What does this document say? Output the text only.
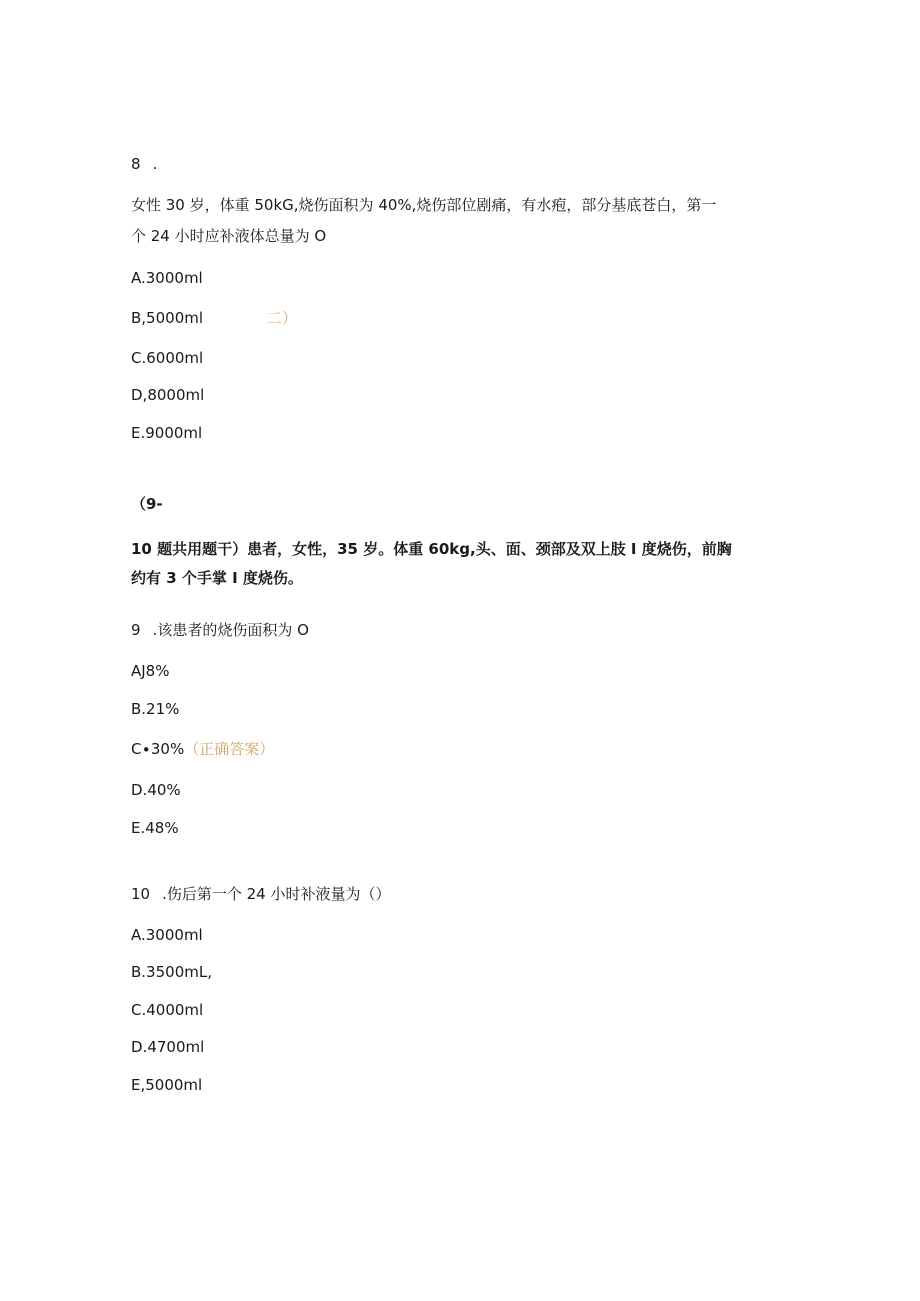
8 .
女性 30 岁，体重 50kG,烧伤面积为 40%,烧伤部位剧痛，有水疱，部分基底苍白，第一
个 24 小时应补液体总量为 O
A.3000ml
B,5000ml	二）
C.6000ml
D,8000ml
E.9000ml
（9-
10 题共用题干）患者，女性，35 岁。体重 60kg,头、面、颈部及双上肢 I 度烧伤，前胸
约有 3 个手掌 I 度烧伤。
9 .该患者的烧伤面积为 O
AJ8%
B.21%
C∙30%（正确答案）
D.40%
E.48%
10 .伤后第一个 24 小时补液量为（）
A.3000ml
B.3500mL,
C.4000ml
D.4700ml
E,5000ml
